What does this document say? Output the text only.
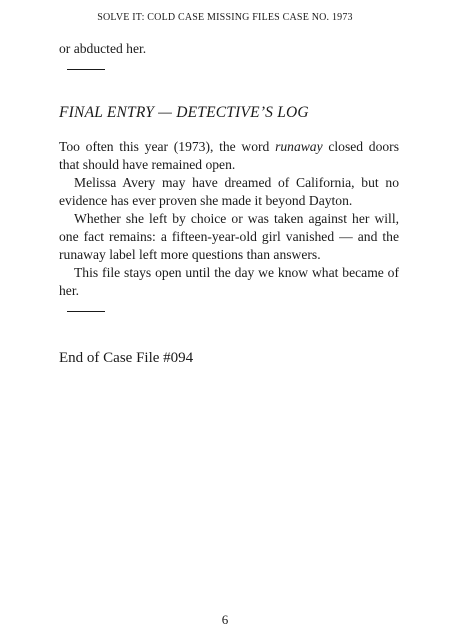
SOLVE IT: COLD CASE MISSING FILES CASE NO. 1973

or abducted her.

FINAL ENTRY — DETECTIVE’S LOG

Too often this year (1973), the word runaway closed doors that should have remained open.

Melissa Avery may have dreamed of California, but no evidence has ever proven she made it beyond Dayton.

Whether she left by choice or was taken against her will, one fact remains: a fifteen-year-old girl vanished — and the runaway label left more questions than answers.

This file stays open until the day we know what became of her.

End of Case File #094
6
